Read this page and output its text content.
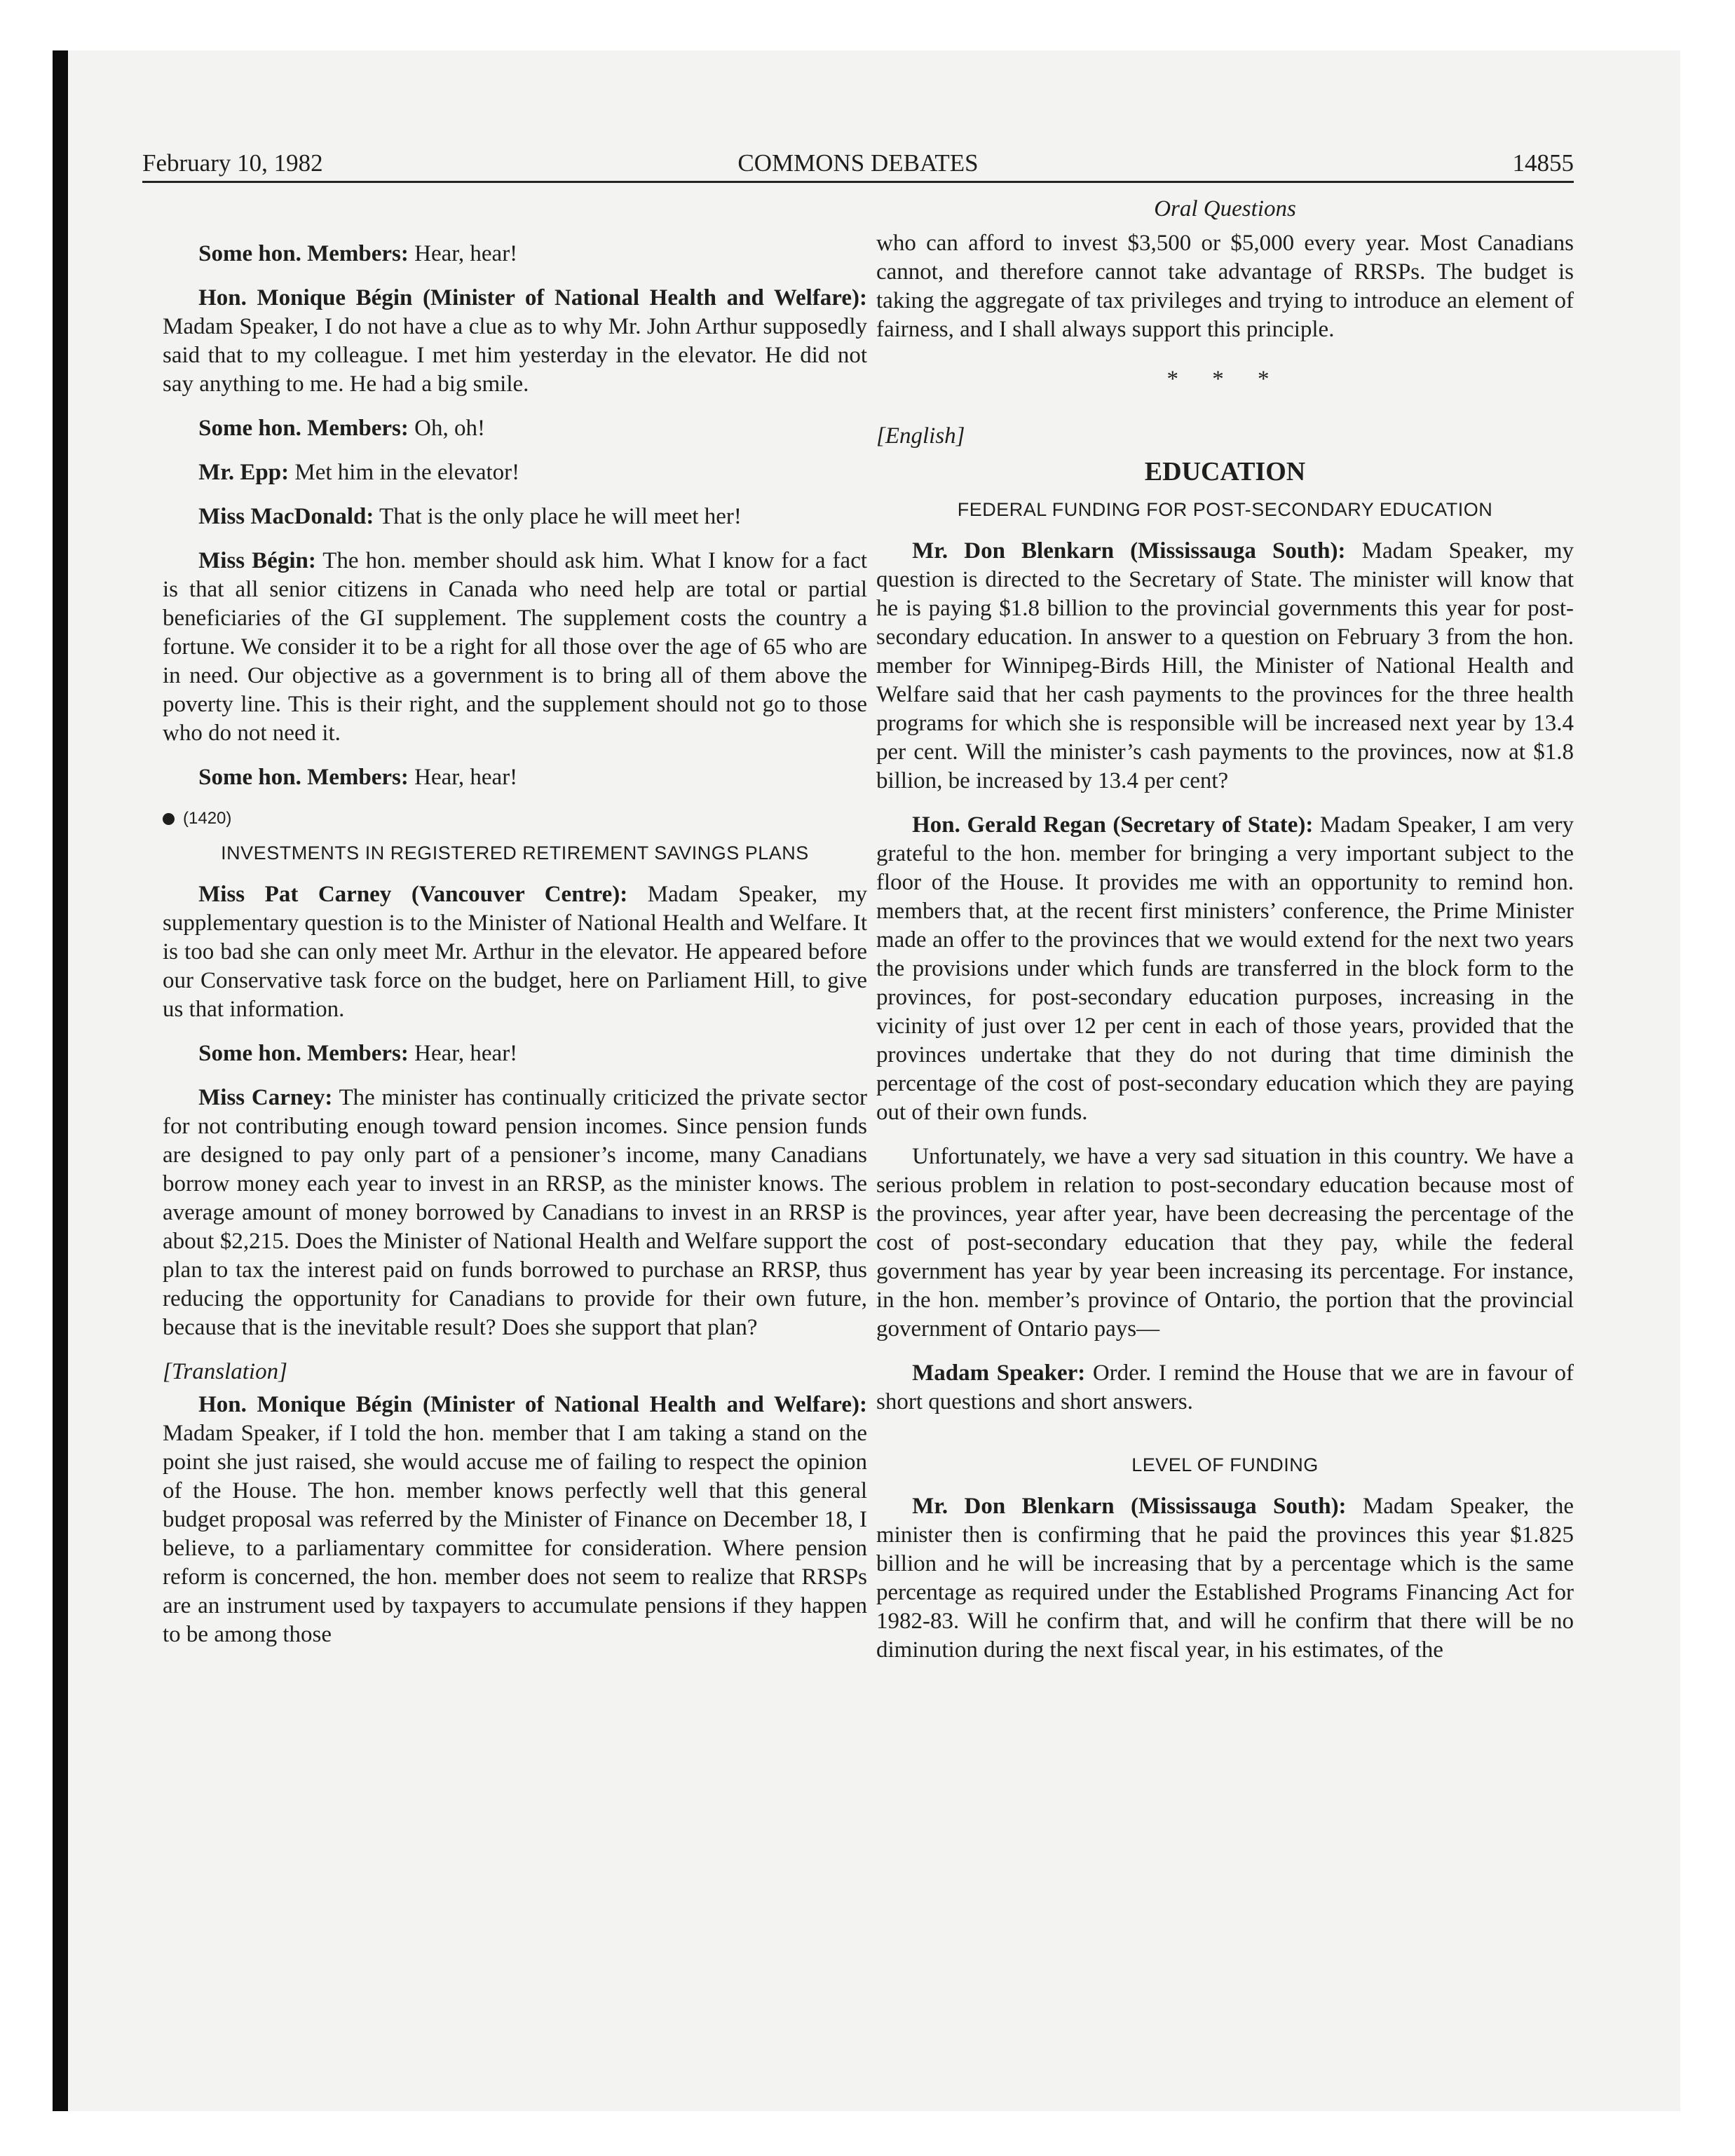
February 10, 1982	COMMONS DEBATES	14855

Some hon. Members: Hear, hear!

Hon. Monique Bégin (Minister of National Health and Welfare): Madam Speaker, I do not have a clue as to why Mr. John Arthur supposedly said that to my colleague. I met him yesterday in the elevator. He did not say anything to me. He had a big smile.

Some hon. Members: Oh, oh!

Mr. Epp: Met him in the elevator!

Miss MacDonald: That is the only place he will meet her!

Miss Bégin: The hon. member should ask him. What I know for a fact is that all senior citizens in Canada who need help are total or partial beneficiaries of the GI supplement. The supplement costs the country a fortune. We consider it to be a right for all those over the age of 65 who are in need. Our objective as a government is to bring all of them above the poverty line. This is their right, and the supplement should not go to those who do not need it.

Some hon. Members: Hear, hear!

(1420)
INVESTMENTS IN REGISTERED RETIREMENT SAVINGS PLANS

Miss Pat Carney (Vancouver Centre): Madam Speaker, my supplementary question is to the Minister of National Health and Welfare. It is too bad she can only meet Mr. Arthur in the elevator. He appeared before our Conservative task force on the budget, here on Parliament Hill, to give us that information.

Some hon. Members: Hear, hear!

Miss Carney: The minister has continually criticized the private sector for not contributing enough toward pension incomes. Since pension funds are designed to pay only part of a pensioner’s income, many Canadians borrow money each year to invest in an RRSP, as the minister knows. The average amount of money borrowed by Canadians to invest in an RRSP is about $2,215. Does the Minister of National Health and Welfare support the plan to tax the interest paid on funds borrowed to purchase an RRSP, thus reducing the opportunity for Canadians to provide for their own future, because that is the inevitable result? Does she support that plan?

[Translation]

Hon. Monique Bégin (Minister of National Health and Welfare): Madam Speaker, if I told the hon. member that I am taking a stand on the point she just raised, she would accuse me of failing to respect the opinion of the House. The hon. member knows perfectly well that this general budget proposal was referred by the Minister of Finance on December 18, I believe, to a parliamentary committee for consideration. Where pension reform is concerned, the hon. member does not seem to realize that RRSPs are an instrument used by taxpayers to accumulate pensions if they happen to be among those

Oral Questions

who can afford to invest $3,500 or $5,000 every year. Most Canadians cannot, and therefore cannot take advantage of RRSPs. The budget is taking the aggregate of tax privileges and trying to introduce an element of fairness, and I shall always support this principle.

* * *
[English]
EDUCATION
FEDERAL FUNDING FOR POST-SECONDARY EDUCATION

Mr. Don Blenkarn (Mississauga South): Madam Speaker, my question is directed to the Secretary of State. The minister will know that he is paying $1.8 billion to the provincial governments this year for post-secondary education. In answer to a question on February 3 from the hon. member for Winnipeg-Birds Hill, the Minister of National Health and Welfare said that her cash payments to the provinces for the three health programs for which she is responsible will be increased next year by 13.4 per cent. Will the minister’s cash payments to the provinces, now at $1.8 billion, be increased by 13.4 per cent?

Hon. Gerald Regan (Secretary of State): Madam Speaker, I am very grateful to the hon. member for bringing a very important subject to the floor of the House. It provides me with an opportunity to remind hon. members that, at the recent first ministers’ conference, the Prime Minister made an offer to the provinces that we would extend for the next two years the provisions under which funds are transferred in the block form to the provinces, for post-secondary education purposes, increasing in the vicinity of just over 12 per cent in each of those years, provided that the provinces undertake that they do not during that time diminish the percentage of the cost of post-secondary education which they are paying out of their own funds.

Unfortunately, we have a very sad situation in this country. We have a serious problem in relation to post-secondary education because most of the provinces, year after year, have been decreasing the percentage of the cost of post-secondary education that they pay, while the federal government has year by year been increasing its percentage. For instance, in the hon. member’s province of Ontario, the portion that the provincial government of Ontario pays—

Madam Speaker: Order. I remind the House that we are in favour of short questions and short answers.

LEVEL OF FUNDING

Mr. Don Blenkarn (Mississauga South): Madam Speaker, the minister then is confirming that he paid the provinces this year $1.825 billion and he will be increasing that by a percentage which is the same percentage as required under the Established Programs Financing Act for 1982-83. Will he confirm that, and will he confirm that there will be no diminution during the next fiscal year, in his estimates, of the
